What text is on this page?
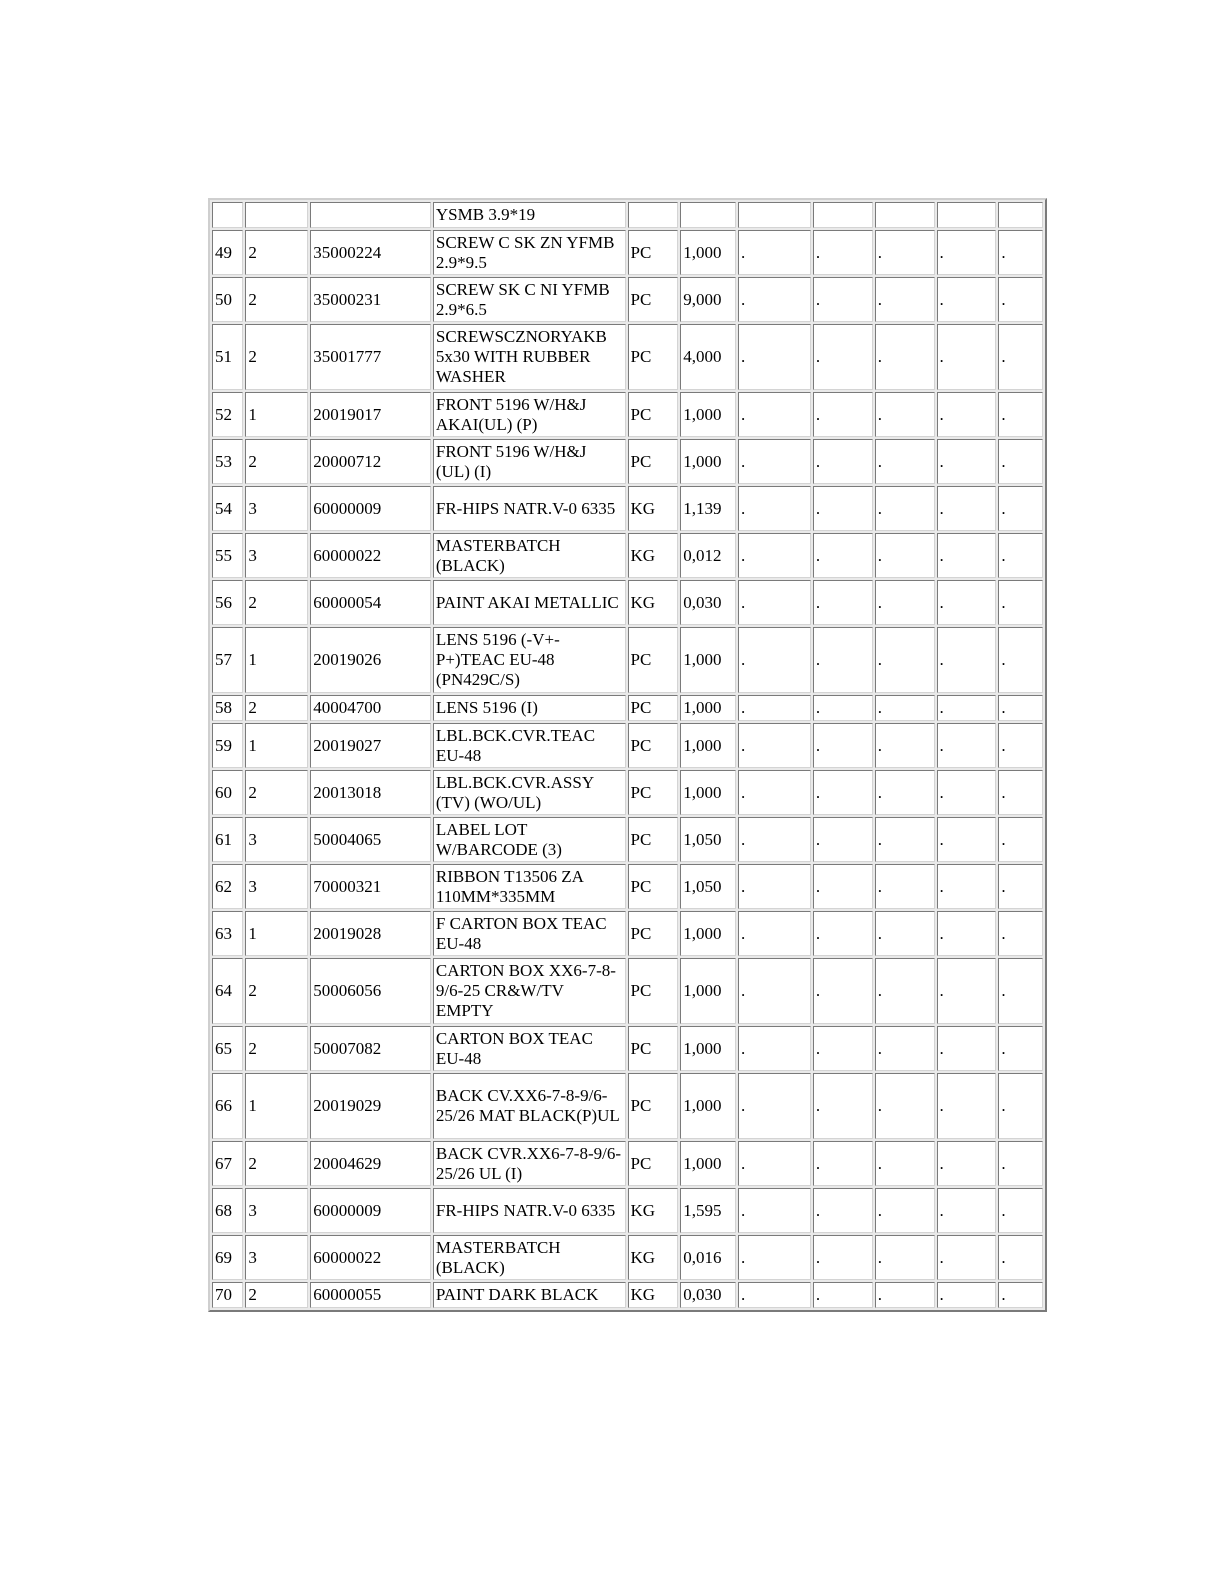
			YSMB 3.9*19							
49	2	35000224	SCREW C SK ZN YFMB 2.9*9.5	PC	1,000	.	.	.	.	.
50	2	35000231	SCREW SK C NI YFMB 2.9*6.5	PC	9,000	.	.	.	.	.
51	2	35001777	SCREWSCZNORYAKB 5x30 WITH RUBBER WASHER	PC	4,000	.	.	.	.	.
52	1	20019017	FRONT 5196 W/H&J AKAI(UL) (P)	PC	1,000	.	.	.	.	.
53	2	20000712	FRONT 5196 W/H&J (UL) (I)	PC	1,000	.	.	.	.	.
54	3	60000009	FR-HIPS NATR.V-0 6335	KG	1,139	.	.	.	.	.
55	3	60000022	MASTERBATCH (BLACK)	KG	0,012	.	.	.	.	.
56	2	60000054	PAINT AKAI METALLIC	KG	0,030	.	.	.	.	.
57	1	20019026	LENS 5196 (-V+-P+)TEAC EU-48 (PN429C/S)	PC	1,000	.	.	.	.	.
58	2	40004700	LENS 5196 (I)	PC	1,000	.	.	.	.	.
59	1	20019027	LBL.BCK.CVR.TEAC EU-48	PC	1,000	.	.	.	.	.
60	2	20013018	LBL.BCK.CVR.ASSY (TV) (WO/UL)	PC	1,000	.	.	.	.	.
61	3	50004065	LABEL LOT W/BARCODE (3)	PC	1,050	.	.	.	.	.
62	3	70000321	RIBBON T13506 ZA 110MM*335MM	PC	1,050	.	.	.	.	.
63	1	20019028	F CARTON BOX TEAC EU-48	PC	1,000	.	.	.	.	.
64	2	50006056	CARTON BOX XX6-7-8-9/6-25 CR&W/TV EMPTY	PC	1,000	.	.	.	.	.
65	2	50007082	CARTON BOX TEAC EU-48	PC	1,000	.	.	.	.	.
66	1	20019029	BACK CV.XX6-7-8-9/6-25/26 MAT BLACK(P)UL	PC	1,000	.	.	.	.	.
67	2	20004629	BACK CVR.XX6-7-8-9/6-25/26 UL (I)	PC	1,000	.	.	.	.	.
68	3	60000009	FR-HIPS NATR.V-0 6335	KG	1,595	.	.	.	.	.
69	3	60000022	MASTERBATCH (BLACK)	KG	0,016	.	.	.	.	.
70	2	60000055	PAINT DARK BLACK	KG	0,030	.	.	.	.	.
